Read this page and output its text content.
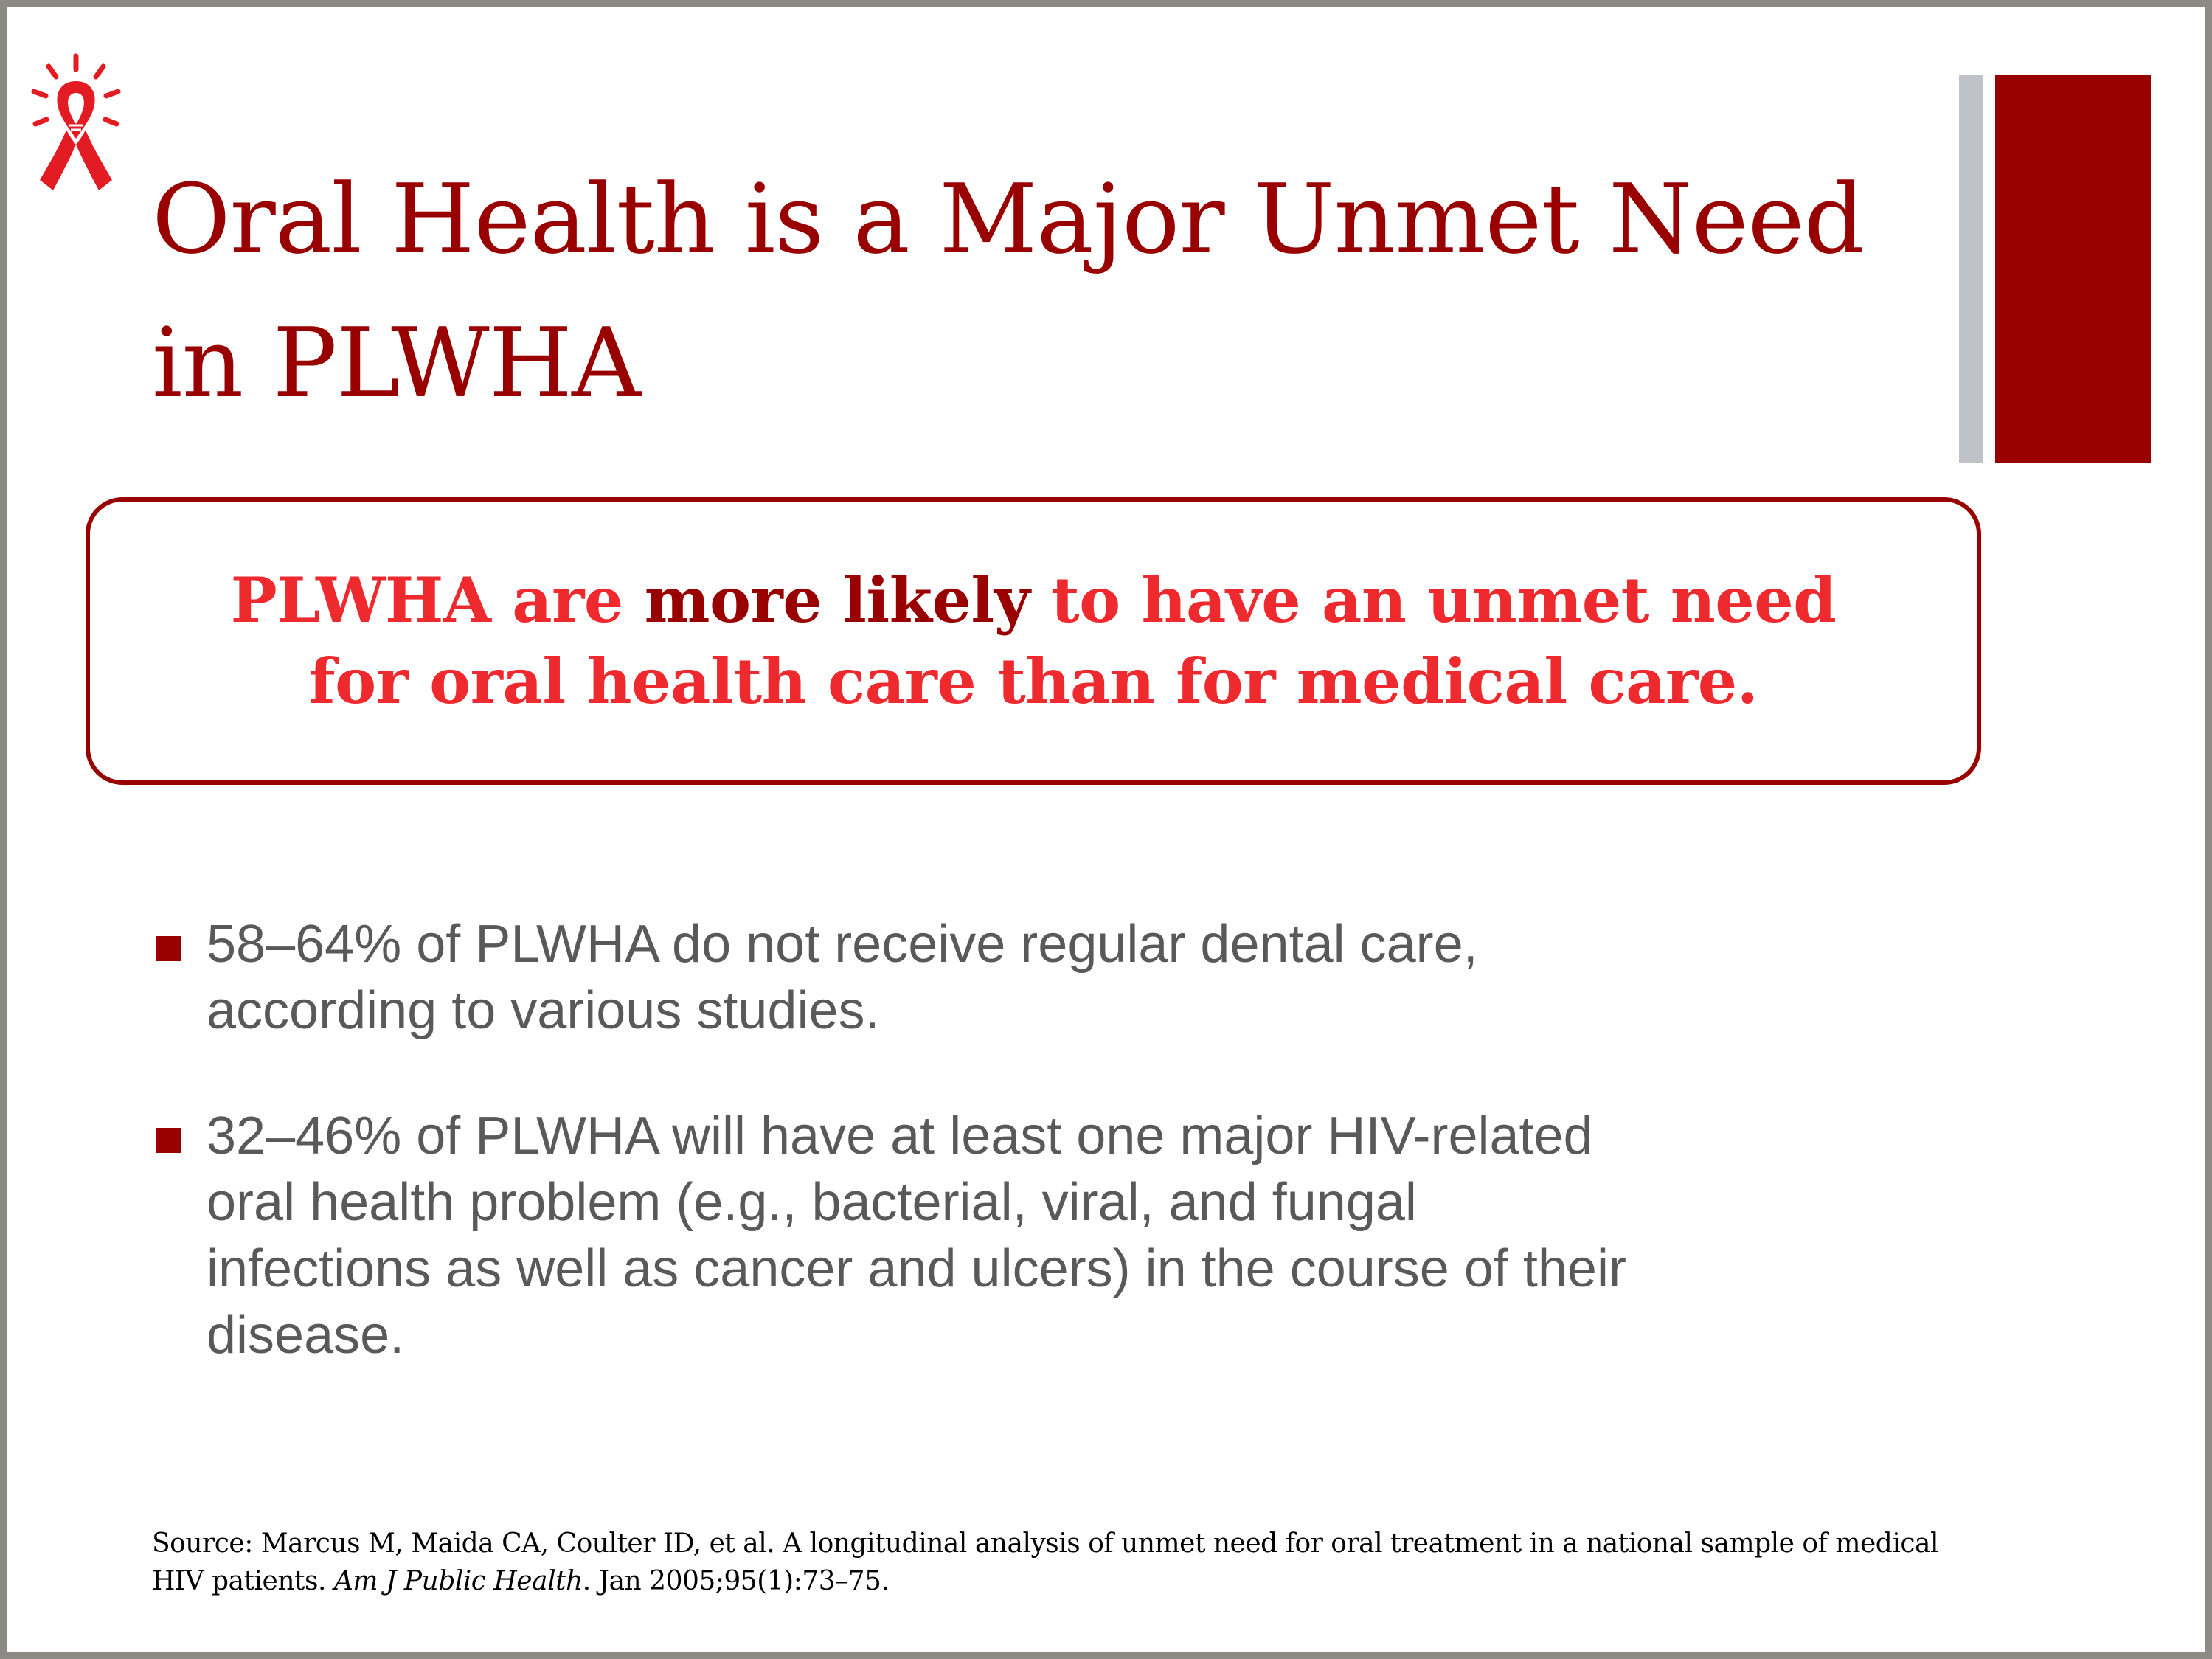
Oral Health is a Major Unmet Need
in PLWHA

PLWHA are more likely to have an unmet need
for oral health care than for medical care.

58–64% of PLWHA do not receive regular dental care,
according to various studies.
32–46% of PLWHA will have at least one major HIV-related
oral health problem (e.g., bacterial, viral, and fungal
infections as well as cancer and ulcers) in the course of their
disease.

Source: Marcus M, Maida CA, Coulter ID, et al. A longitudinal analysis of unmet need for oral treatment in a national sample of medical
HIV patients. Am J Public Health. Jan 2005;95(1):73–75.
